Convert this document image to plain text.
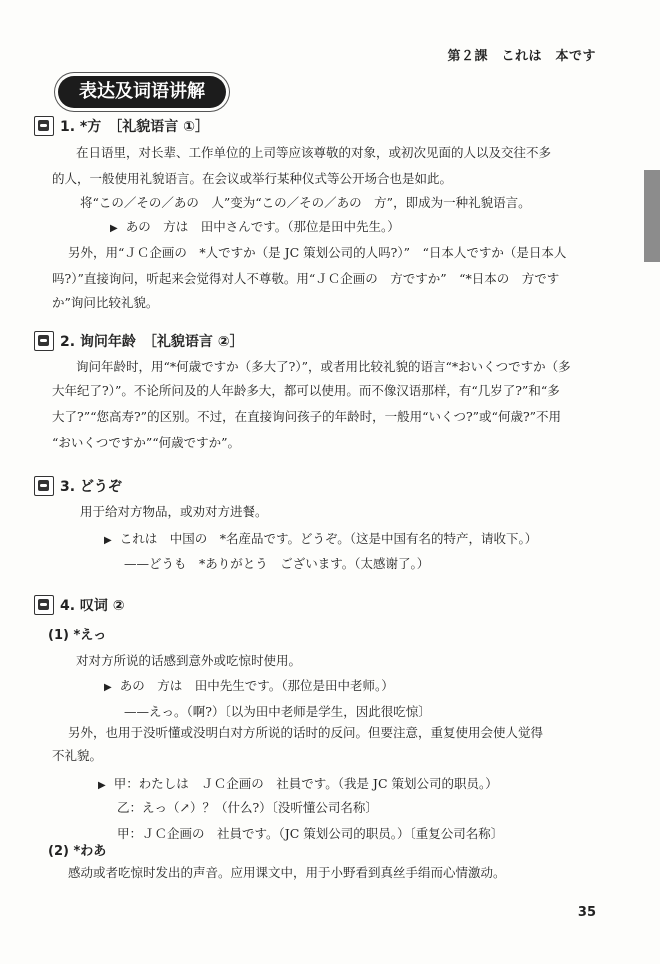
第２課　これは　本です
表达及词语讲解
1. *方　［礼貌语言 ①］
在日语里，对长辈、工作单位的上司等应该尊敬的对象，或初次见面的人以及交往不多
的人，一般使用礼貌语言。在会议或举行某种仪式等公开场合也是如此。
将“この／その／あの　人”变为“この／その／あの　方”，即成为一种礼貌语言。
▶ あの　方は　田中さんです。（那位是田中先生。）
另外，用“ＪＣ企画の　*人ですか（是 JC 策划公司的人吗?）”　“日本人ですか（是日本人
吗?）”直接询问，听起来会觉得对人不尊敬。用“ＪＣ企画の　方ですか”　“*日本の　方です
か”询问比较礼貌。
2. 询问年龄　［礼貌语言 ②］
询问年龄时，用“*何歳ですか（多大了?）”，或者用比较礼貌的语言“*おいくつですか（多
大年纪了?）”。不论所问及的人年龄多大，都可以使用。而不像汉语那样，有“几岁了?”和“多
大了?”“您高寿?”的区别。不过，在直接询问孩子的年龄时，一般用“いくつ?”或“何歳?”不用
“おいくつですか”“何歳ですか”。
3. どうぞ
用于给对方物品，或劝对方进餐。
▶ これは　中国の　*名産品です。どうぞ。（这是中国有名的特产，请收下。）
——どうも　*ありがとう　ございます。（太感谢了。）
4. 叹词 ②
(1) *えっ
对对方所说的话感到意外或吃惊时使用。
▶ あの　方は　田中先生です。（那位是田中老师。）
——えっ。（啊?）〔以为田中老师是学生，因此很吃惊〕
另外，也用于没听懂或没明白对方所说的话时的反问。但要注意，重复使用会使人觉得
不礼貌。
▶ 甲：わたしは　ＪＣ企画の　社員です。（我是 JC 策划公司的职员。）
乙：えっ（↗）？（什么?）〔没听懂公司名称〕
甲：ＪＣ企画の　社員です。（JC 策划公司的职员。）〔重复公司名称〕
(2) *わあ
感动或者吃惊时发出的声音。应用课文中，用于小野看到真丝手绢而心情激动。
35
